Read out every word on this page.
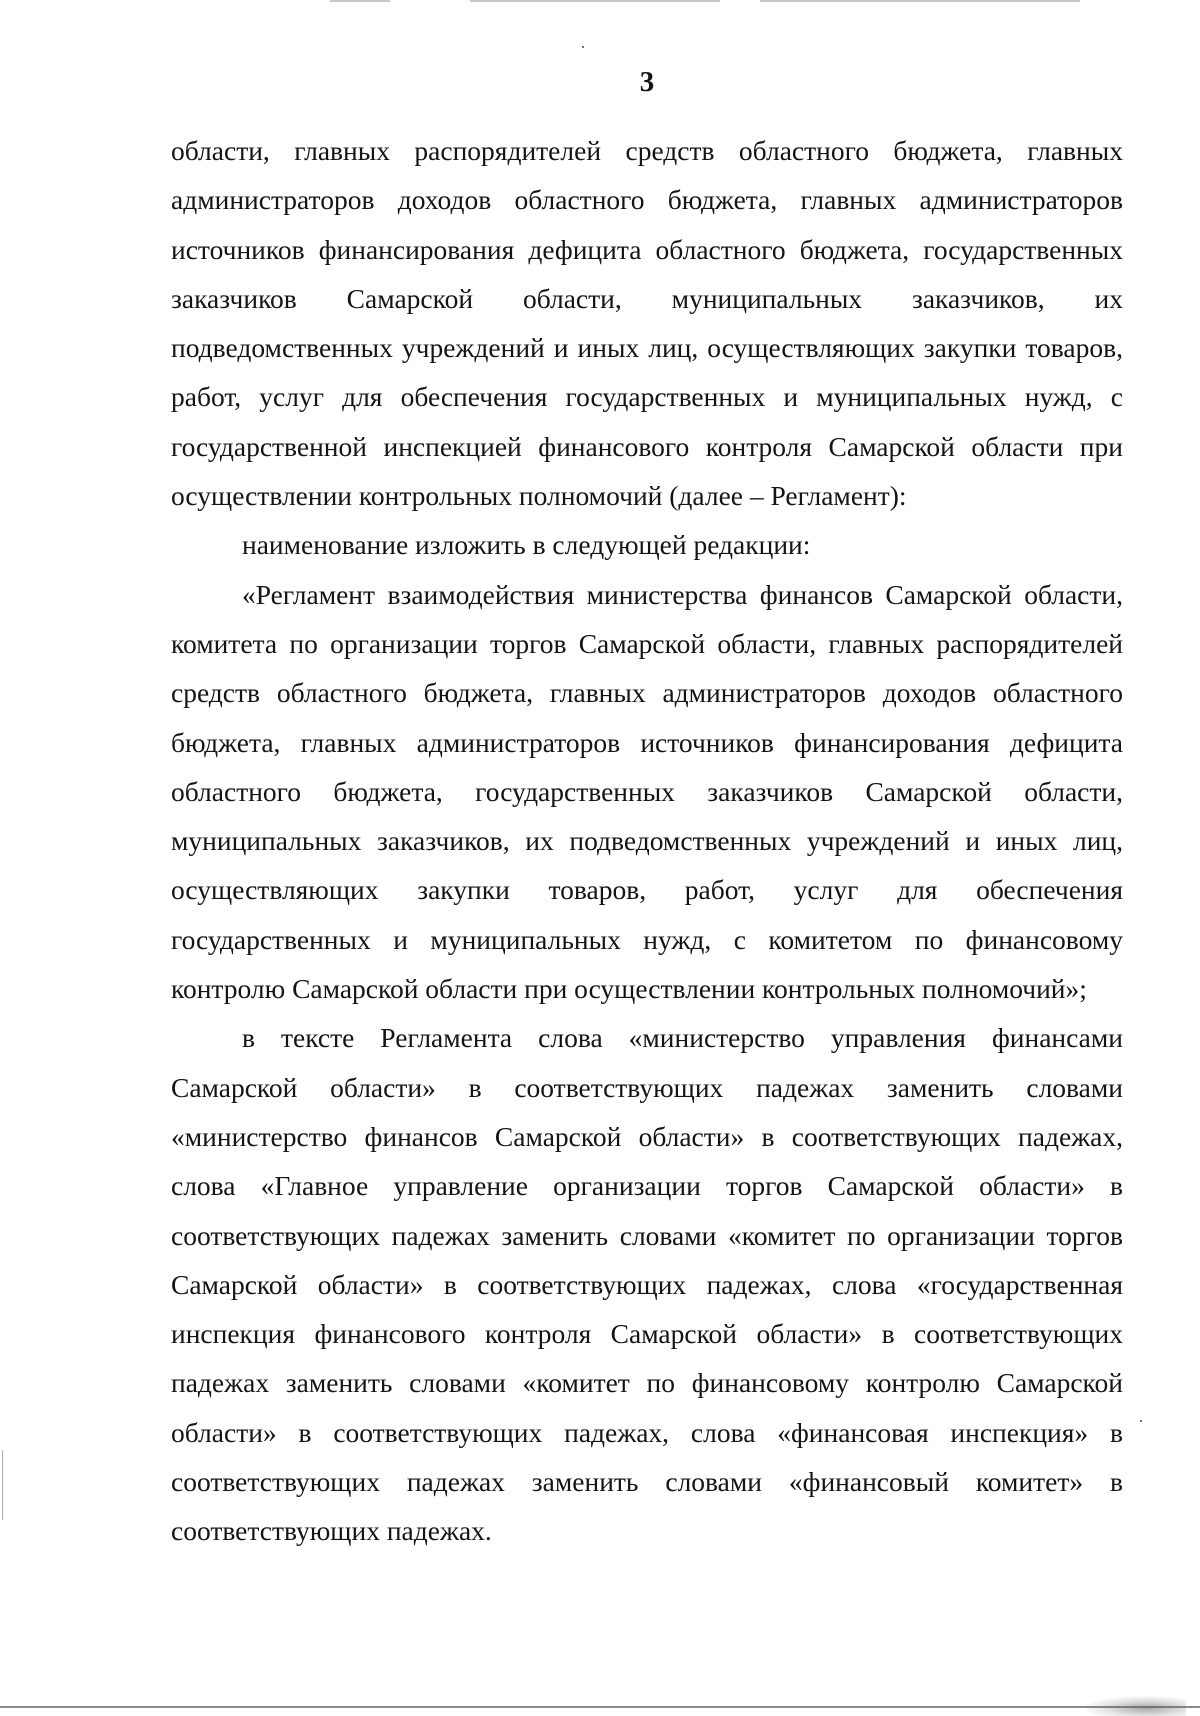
3

области, главных распорядителей средств областного бюджета, главных администраторов доходов областного бюджета, главных администраторов источников финансирования дефицита областного бюджета, государственных заказчиков Самарской области, муниципальных заказчиков, их подведомственных учреждений и иных лиц, осуществляющих закупки товаров, работ, услуг для обеспечения государственных и муниципальных нужд, с государственной инспекцией финансового контроля Самарской области при осуществлении контрольных полномочий (далее – Регламент):

наименование изложить в следующей редакции:

«Регламент взаимодействия министерства финансов Самарской области, комитета по организации торгов Самарской области, главных распорядителей средств областного бюджета, главных администраторов доходов областного бюджета, главных администраторов источников финансирования дефицита областного бюджета, государственных заказчиков Самарской области, муниципальных заказчиков, их подведомственных учреждений и иных лиц, осуществляющих закупки товаров, работ, услуг для обеспечения государственных и муниципальных нужд, с комитетом по финансовому контролю Самарской области при осуществлении контрольных полномочий»;

в тексте Регламента слова «министерство управления финансами Самарской области» в соответствующих падежах заменить словами «министерство финансов Самарской области» в соответствующих падежах, слова «Главное управление организации торгов Самарской области» в соответствующих падежах заменить словами «комитет по организации торгов Самарской области» в соответствующих падежах, слова «государственная инспекция финансового контроля Самарской области» в соответствующих падежах заменить словами «комитет по финансовому контролю Самарской области» в соответствующих падежах, слова «финансовая инспекция» в соответствующих падежах заменить словами «финансовый комитет» в соответствующих падежах.
